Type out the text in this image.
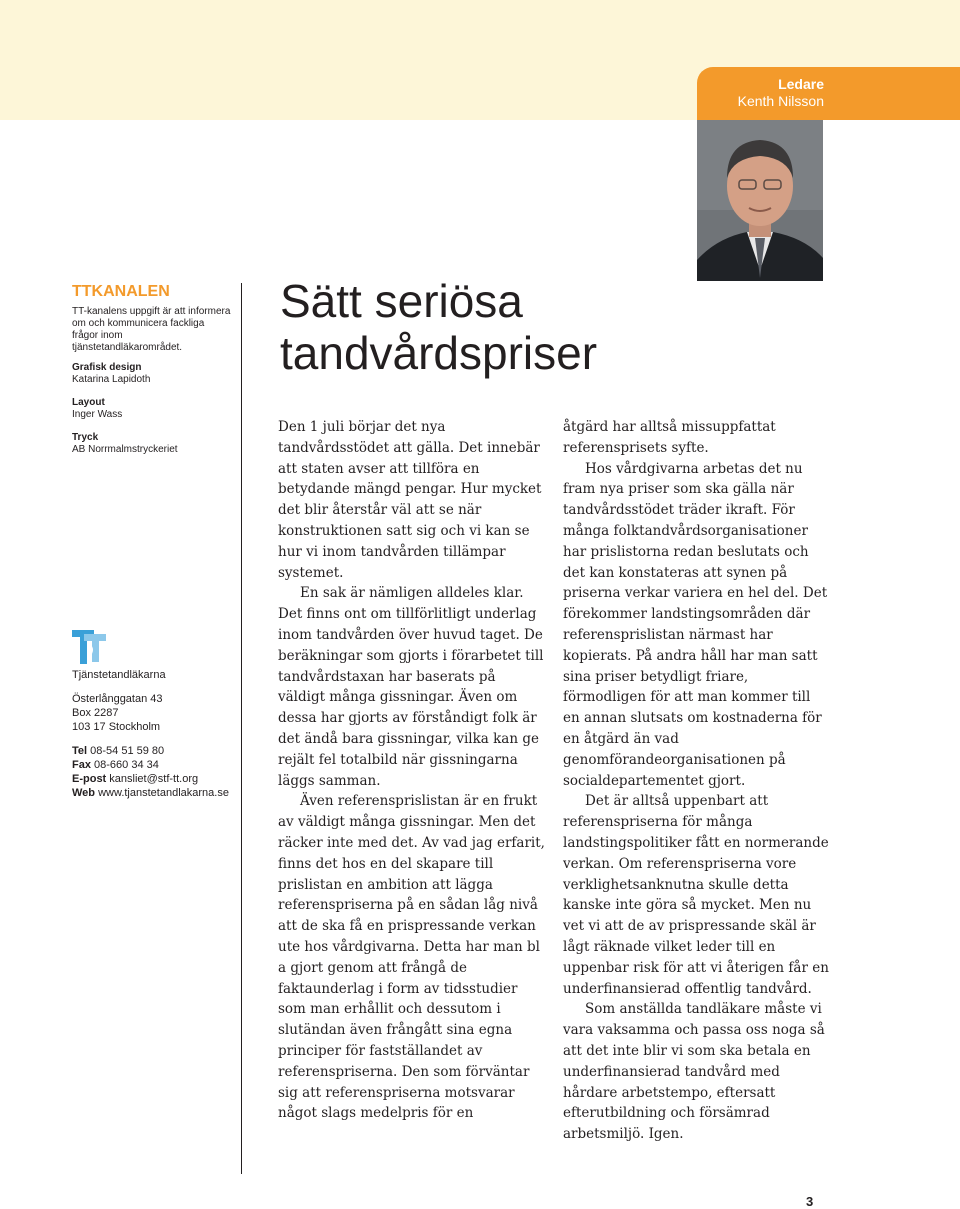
Ledare
Kenth Nilsson

TTKANALEN

TT-kanalens uppgift är att informera om och kommunicera fackliga frågor inom tjänstetandläkarområdet.

Grafisk design
Katarina Lapidoth
Layout
Inger Wass
Tryck
AB Norrmalmstryckeriet
Tjänstetandläkarna
Österlånggatan 43
Box 2287
103 17 Stockholm
Tel 08-54 51 59 80
Fax 08-660 34 34
E-post kansliet@stf-tt.org
Web www.tjanstetandlakarna.se
Sätt seriösa tandvårdspriser

Den 1 juli börjar det nya tandvårdsstödet att gälla. Det innebär att staten avser att tillföra en betydande mängd pengar. Hur mycket det blir återstår väl att se när konstruktionen satt sig och vi kan se hur vi inom tandvården tillämpar systemet.

En sak är nämligen alldeles klar. Det finns ont om tillförlitligt underlag inom tandvården över huvud taget. De beräkningar som gjorts i förarbetet till tandvårdstaxan har baserats på väldigt många gissningar. Även om dessa har gjorts av förståndigt folk är det ändå bara gissningar, vilka kan ge rejält fel totalbild när gissningarna läggs samman.

Även referensprislistan är en frukt av väldigt många gissningar. Men det räcker inte med det. Av vad jag erfarit, finns det hos en del skapare till prislistan en ambition att lägga referenspriserna på en sådan låg nivå att de ska få en prispressande verkan ute hos vårdgivarna. Detta har man bl a gjort genom att frångå de faktaunderlag i form av tidsstudier som man erhållit och dessutom i slutändan även frångått sina egna principer för fastställandet av referenspriserna. Den som förväntar sig att referenspriserna motsvarar något slags medelpris för en

åtgärd har alltså missuppfattat referensprisets syfte.

Hos vårdgivarna arbetas det nu fram nya priser som ska gälla när tandvårdsstödet träder ikraft. För många folktandvårdsorganisationer har prislistorna redan beslutats och det kan konstateras att synen på priserna verkar variera en hel del. Det förekommer landstingsområden där referensprislistan närmast har kopierats. På andra håll har man satt sina priser betydligt friare, förmodligen för att man kommer till en annan slutsats om kostnaderna för en åtgärd än vad genomförandeorganisationen på socialdepartementet gjort.

Det är alltså uppenbart att referenspriserna för många landstingspolitiker fått en normerande verkan. Om referenspriserna vore verklighetsanknutna skulle detta kanske inte göra så mycket. Men nu vet vi att de av prispressande skäl är lågt räknade vilket leder till en uppenbar risk för att vi återigen får en underfinansierad offentlig tandvård.

Som anställda tandläkare måste vi vara vaksamma och passa oss noga så att det inte blir vi som ska betala en underfinansierad tandvård med hårdare arbetstempo, eftersatt efterutbildning och försämrad arbetsmiljö. Igen.

3
